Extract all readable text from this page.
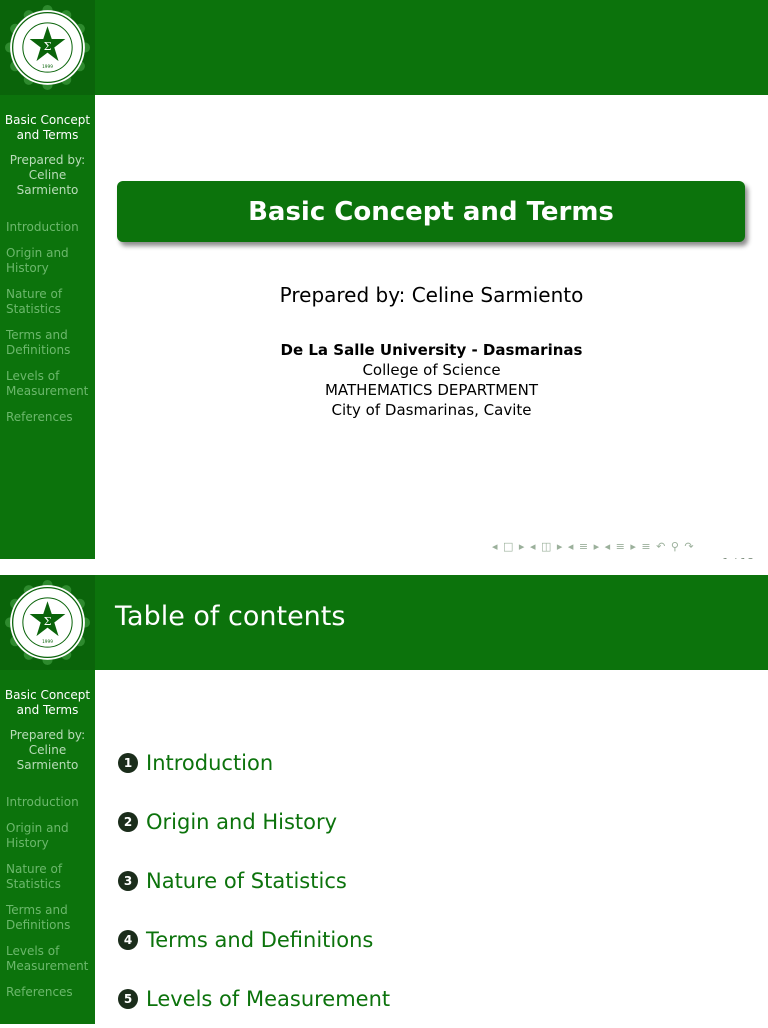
Σ
1999
Basic Concept and Terms
Prepared by: Celine Sarmiento
Introduction
Origin and History
Nature of Statistics
Terms and Definitions
Levels of Measurement
References
Basic Concept and Terms
Prepared by: Celine Sarmiento
De La Salle University - Dasmarinas
College of Science
MATHEMATICS DEPARTMENT
City of Dasmarinas, Cavite
◂ □ ▸ ◂ ◫ ▸ ◂ ≡ ▸ ◂ ≡ ▸ ≡ ↶ ⚲ ↷
Σ
1999
Table of contents
Basic Concept and Terms
Prepared by: Celine Sarmiento
Introduction
Origin and History
Nature of Statistics
Terms and Definitions
Levels of Measurement
References
1 Introduction
2 Origin and History
3 Nature of Statistics
4 Terms and Definitions
5 Levels of Measurement
